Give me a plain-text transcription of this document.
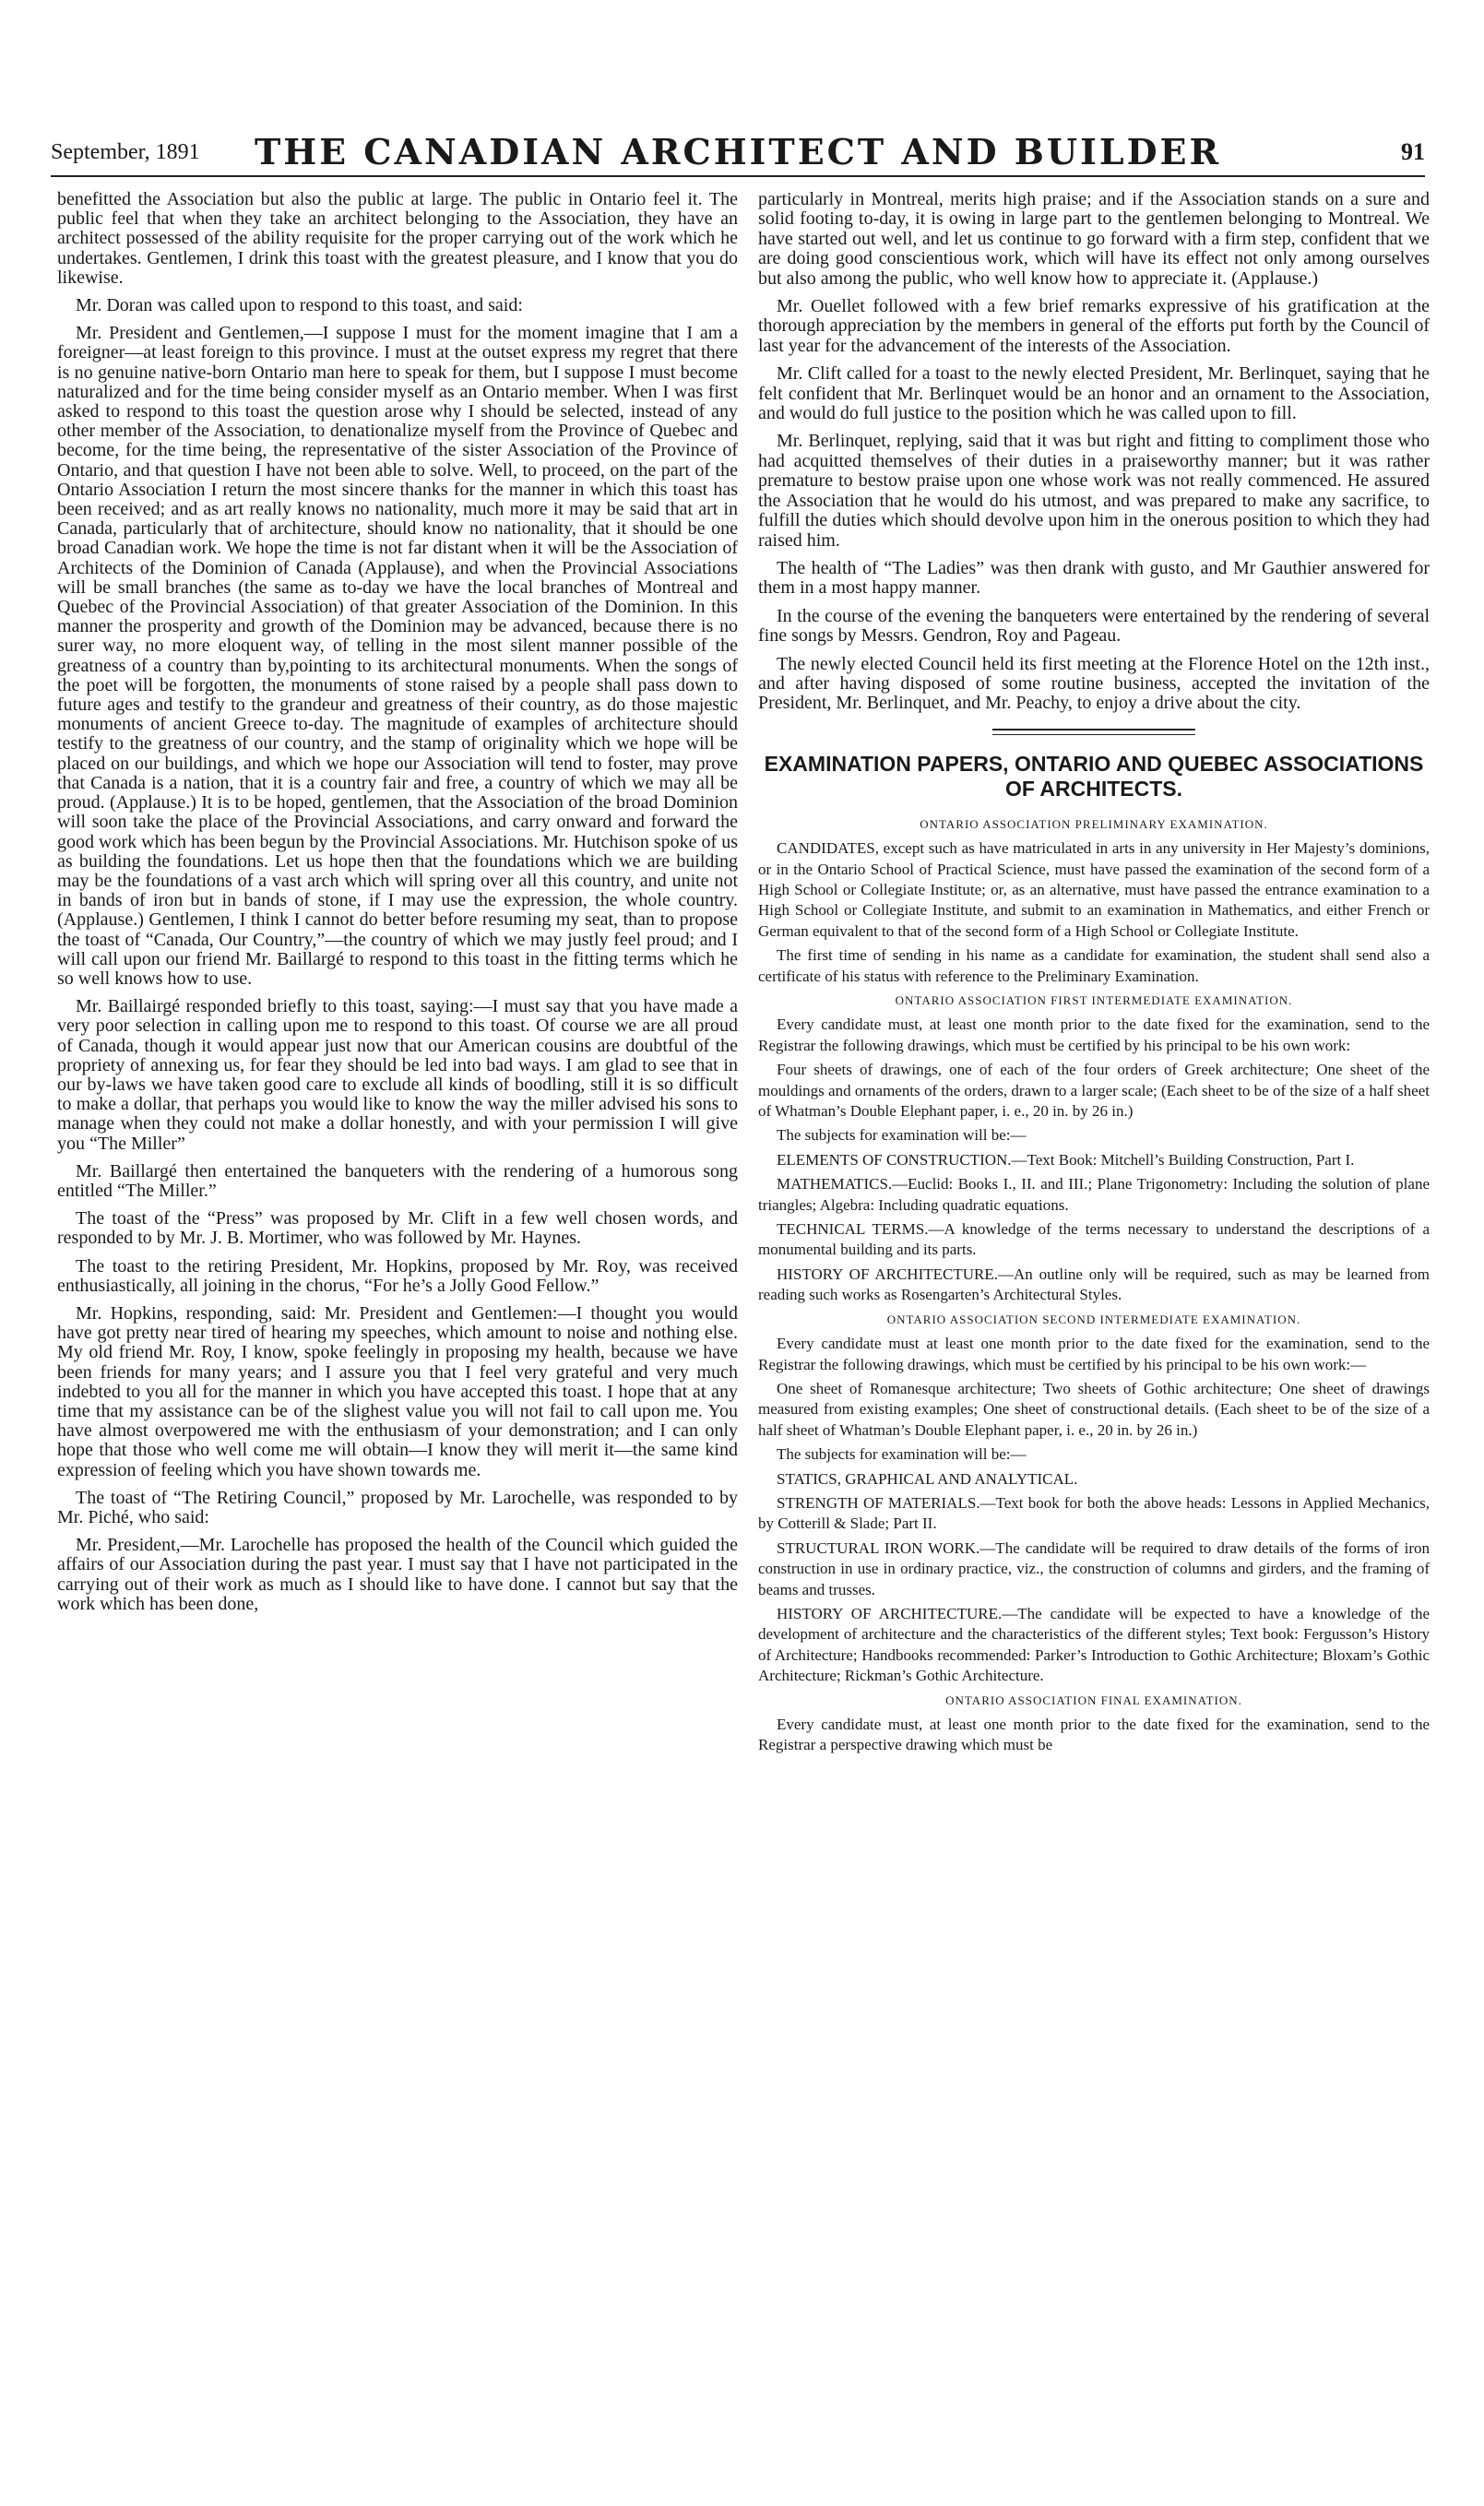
September, 1891	THE CANADIAN ARCHITECT AND BUILDER	91

benefitted the Association but also the public at large. The public in Ontario feel it. The public feel that when they take an architect belonging to the Association, they have an architect possessed of the ability requisite for the proper carrying out of the work which he undertakes. Gentlemen, I drink this toast with the greatest pleasure, and I know that you do likewise.

Mr. Doran was called upon to respond to this toast, and said:

Mr. President and Gentlemen,—I suppose I must for the moment imagine that I am a foreigner—at least foreign to this province. I must at the outset express my regret that there is no genuine native-born Ontario man here to speak for them, but I suppose I must become naturalized and for the time being consider myself as an Ontario member. When I was first asked to respond to this toast the question arose why I should be selected, instead of any other member of the Association, to denationalize myself from the Province of Quebec and become, for the time being, the representative of the sister Association of the Province of Ontario, and that question I have not been able to solve. Well, to proceed, on the part of the Ontario Association I return the most sincere thanks for the manner in which this toast has been received; and as art really knows no nationality, much more it may be said that art in Canada, particularly that of architecture, should know no nationality, that it should be one broad Canadian work. We hope the time is not far distant when it will be the Association of Architects of the Dominion of Canada (Applause), and when the Provincial Associations will be small branches (the same as to-day we have the local branches of Montreal and Quebec of the Provincial Association) of that greater Association of the Dominion. In this manner the prosperity and growth of the Dominion may be advanced, because there is no surer way, no more eloquent way, of telling in the most silent manner possible of the greatness of a country than by,pointing to its architectural monuments. When the songs of the poet will be forgotten, the monuments of stone raised by a people shall pass down to future ages and testify to the grandeur and greatness of their country, as do those majestic monuments of ancient Greece to-day. The magnitude of examples of architecture should testify to the greatness of our country, and the stamp of originality which we hope will be placed on our buildings, and which we hope our Association will tend to foster, may prove that Canada is a nation, that it is a country fair and free, a country of which we may all be proud. (Applause.) It is to be hoped, gentlemen, that the Association of the broad Dominion will soon take the place of the Provincial Associations, and carry onward and forward the good work which has been begun by the Provincial Associations. Mr. Hutchison spoke of us as building the foundations. Let us hope then that the foundations which we are building may be the foundations of a vast arch which will spring over all this country, and unite not in bands of iron but in bands of stone, if I may use the expression, the whole country. (Applause.) Gentlemen, I think I cannot do better before resuming my seat, than to propose the toast of “Canada, Our Country,”—the country of which we may justly feel proud; and I will call upon our friend Mr. Baillargé to respond to this toast in the fitting terms which he so well knows how to use.

Mr. Baillairgé responded briefly to this toast, saying:—I must say that you have made a very poor selection in calling upon me to respond to this toast. Of course we are all proud of Canada, though it would appear just now that our American cousins are doubtful of the propriety of annexing us, for fear they should be led into bad ways. I am glad to see that in our by-laws we have taken good care to exclude all kinds of boodling, still it is so difficult to make a dollar, that perhaps you would like to know the way the miller advised his sons to manage when they could not make a dollar honestly, and with your permission I will give you “The Miller”

Mr. Baillargé then entertained the banqueters with the rendering of a humorous song entitled “The Miller.”

The toast of the “Press” was proposed by Mr. Clift in a few well chosen words, and responded to by Mr. J. B. Mortimer, who was followed by Mr. Haynes.

The toast to the retiring President, Mr. Hopkins, proposed by Mr. Roy, was received enthusiastically, all joining in the chorus, “For he’s a Jolly Good Fellow.”

Mr. Hopkins, responding, said: Mr. President and Gentlemen:—I thought you would have got pretty near tired of hearing my speeches, which amount to noise and nothing else. My old friend Mr. Roy, I know, spoke feelingly in proposing my health, because we have been friends for many years; and I assure you that I feel very grateful and very much indebted to you all for the manner in which you have accepted this toast. I hope that at any time that my assistance can be of the slighest value you will not fail to call upon me. You have almost overpowered me with the enthusiasm of your demonstration; and I can only hope that those who well come me will obtain—I know they will merit it—the same kind expression of feeling which you have shown towards me.

The toast of “The Retiring Council,” proposed by Mr. Larochelle, was responded to by Mr. Piché, who said:

Mr. President,—Mr. Larochelle has proposed the health of the Council which guided the affairs of our Association during the past year. I must say that I have not participated in the carrying out of their work as much as I should like to have done. I cannot but say that the work which has been done,

particularly in Montreal, merits high praise; and if the Association stands on a sure and solid footing to-day, it is owing in large part to the gentlemen belonging to Montreal. We have started out well, and let us continue to go forward with a firm step, confident that we are doing good conscientious work, which will have its effect not only among ourselves but also among the public, who well know how to appreciate it. (Applause.)

Mr. Ouellet followed with a few brief remarks expressive of his gratification at the thorough appreciation by the members in general of the efforts put forth by the Council of last year for the advancement of the interests of the Association.

Mr. Clift called for a toast to the newly elected President, Mr. Berlinquet, saying that he felt confident that Mr. Berlinquet would be an honor and an ornament to the Association, and would do full justice to the position which he was called upon to fill.

Mr. Berlinquet, replying, said that it was but right and fitting to compliment those who had acquitted themselves of their duties in a praiseworthy manner; but it was rather premature to bestow praise upon one whose work was not really commenced. He assured the Association that he would do his utmost, and was prepared to make any sacrifice, to fulfill the duties which should devolve upon him in the onerous position to which they had raised him.

The health of “The Ladies” was then drank with gusto, and Mr Gauthier answered for them in a most happy manner.

In the course of the evening the banqueters were entertained by the rendering of several fine songs by Messrs. Gendron, Roy and Pageau.

The newly elected Council held its first meeting at the Florence Hotel on the 12th inst., and after having disposed of some routine business, accepted the invitation of the President, Mr. Berlinquet, and Mr. Peachy, to enjoy a drive about the city.

EXAMINATION PAPERS, ONTARIO AND QUEBEC ASSOCIATIONS OF ARCHITECTS.

ONTARIO ASSOCIATION PRELIMINARY EXAMINATION.

CANDIDATES, except such as have matriculated in arts in any university in Her Majesty’s dominions, or in the Ontario School of Practical Science, must have passed the examination of the second form of a High School or Collegiate Institute; or, as an alternative, must have passed the entrance examination to a High School or Collegiate Institute, and submit to an examination in Mathematics, and either French or German equivalent to that of the second form of a High School or Collegiate Institute.

The first time of sending in his name as a candidate for examination, the student shall send also a certificate of his status with reference to the Preliminary Examination.

ONTARIO ASSOCIATION FIRST INTERMEDIATE EXAMINATION.

Every candidate must, at least one month prior to the date fixed for the examination, send to the Registrar the following drawings, which must be certified by his principal to be his own work:

Four sheets of drawings, one of each of the four orders of Greek architecture; One sheet of the mouldings and ornaments of the orders, drawn to a larger scale; (Each sheet to be of the size of a half sheet of Whatman’s Double Elephant paper, i. e., 20 in. by 26 in.)

The subjects for examination will be:—

ELEMENTS OF CONSTRUCTION.—Text Book: Mitchell’s Building Construction, Part I.

MATHEMATICS.—Euclid: Books I., II. and III.; Plane Trigonometry: Including the solution of plane triangles; Algebra: Including quadratic equations.

TECHNICAL TERMS.—A knowledge of the terms necessary to understand the descriptions of a monumental building and its parts.

HISTORY OF ARCHITECTURE.—An outline only will be required, such as may be learned from reading such works as Rosengarten’s Architectural Styles.

ONTARIO ASSOCIATION SECOND INTERMEDIATE EXAMINATION.

Every candidate must at least one month prior to the date fixed for the examination, send to the Registrar the following drawings, which must be certified by his principal to be his own work:—

One sheet of Romanesque architecture; Two sheets of Gothic architecture; One sheet of drawings measured from existing examples; One sheet of constructional details. (Each sheet to be of the size of a half sheet of Whatman’s Double Elephant paper, i. e., 20 in. by 26 in.)

The subjects for examination will be:—

STATICS, GRAPHICAL AND ANALYTICAL.

STRENGTH OF MATERIALS.—Text book for both the above heads: Lessons in Applied Mechanics, by Cotterill & Slade; Part II.

STRUCTURAL IRON WORK.—The candidate will be required to draw details of the forms of iron construction in use in ordinary practice, viz., the construction of columns and girders, and the framing of beams and trusses.

HISTORY OF ARCHITECTURE.—The candidate will be expected to have a knowledge of the development of architecture and the characteristics of the different styles; Text book: Fergusson’s History of Architecture; Handbooks recommended: Parker’s Introduction to Gothic Architecture; Bloxam’s Gothic Architecture; Rickman’s Gothic Architecture.

ONTARIO ASSOCIATION FINAL EXAMINATION.

Every candidate must, at least one month prior to the date fixed for the examination, send to the Registrar a perspective drawing which must be
